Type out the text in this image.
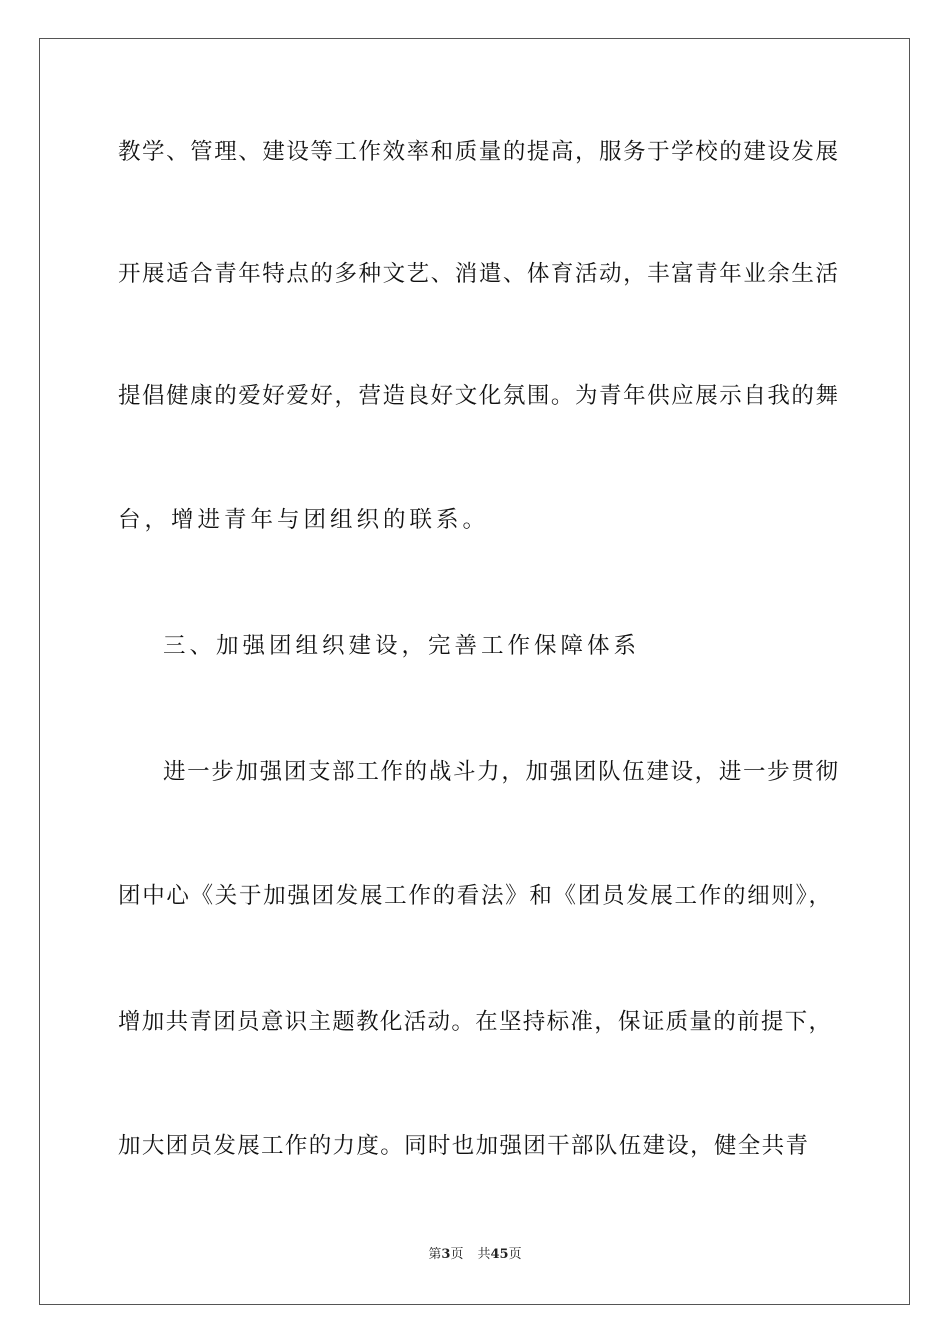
教学、管理、建设等工作效率和质量的提高，服务于学校的建设发展
开展适合青年特点的多种文艺、消遣、体育活动，丰富青年业余生活
提倡健康的爱好爱好，营造良好文化氛围。为青年供应展示自我的舞
台，增进青年与团组织的联系。
三、加强团组织建设，完善工作保障体系
进一步加强团支部工作的战斗力，加强团队伍建设，进一步贯彻
团中心《关于加强团发展工作的看法》和《团员发展工作的细则》，
增加共青团员意识主题教化活动。在坚持标准，保证质量的前提下，
加大团员发展工作的力度。同时也加强团干部队伍建设，健全共青
第3页 共45页
